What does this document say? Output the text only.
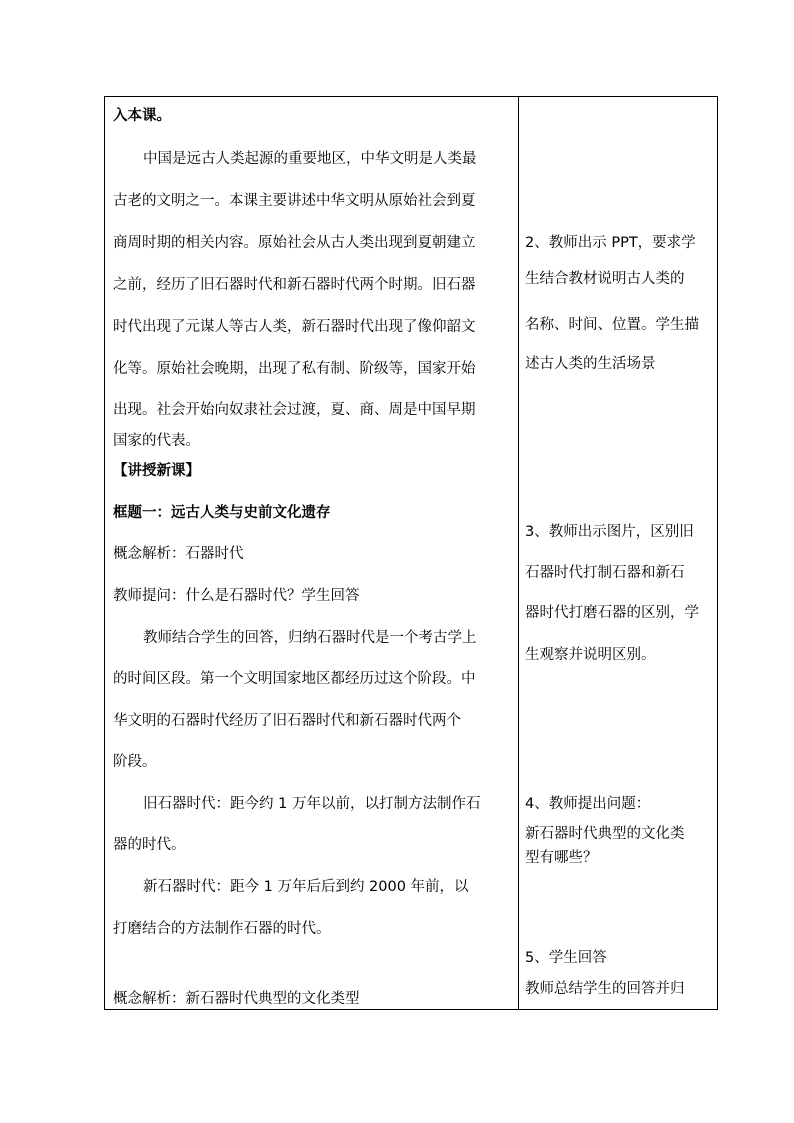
入本课。
中国是远古人类起源的重要地区，中华文明是人类最
古老的文明之一。本课主要讲述中华文明从原始社会到夏
商周时期的相关内容。原始社会从古人类出现到夏朝建立
之前，经历了旧石器时代和新石器时代两个时期。旧石器
时代出现了元谋人等古人类，新石器时代出现了像仰韶文
化等。原始社会晚期，出现了私有制、阶级等，国家开始
出现。社会开始向奴隶社会过渡，夏、商、周是中国早期
国家的代表。
【讲授新课】
框题一：远古人类与史前文化遗存
概念解析：石器时代
教师提问：什么是石器时代？学生回答
教师结合学生的回答，归纳石器时代是一个考古学上
的时间区段。第一个文明国家地区都经历过这个阶段。中
华文明的石器时代经历了旧石器时代和新石器时代两个
阶段。
旧石器时代：距今约 1 万年以前，以打制方法制作石
器的时代。
新石器时代：距今 1 万年后后到约 2000 年前，以
打磨结合的方法制作石器的时代。
概念解析：新石器时代典型的文化类型
2、教师出示 PPT，要求学
生结合教材说明古人类的
名称、时间、位置。学生描
述古人类的生活场景
3、教师出示图片，区别旧
石器时代打制石器和新石
器时代打磨石器的区别，学
生观察并说明区别。
4、教师提出问题：
新石器时代典型的文化类
型有哪些？
5、学生回答
教师总结学生的回答并归
